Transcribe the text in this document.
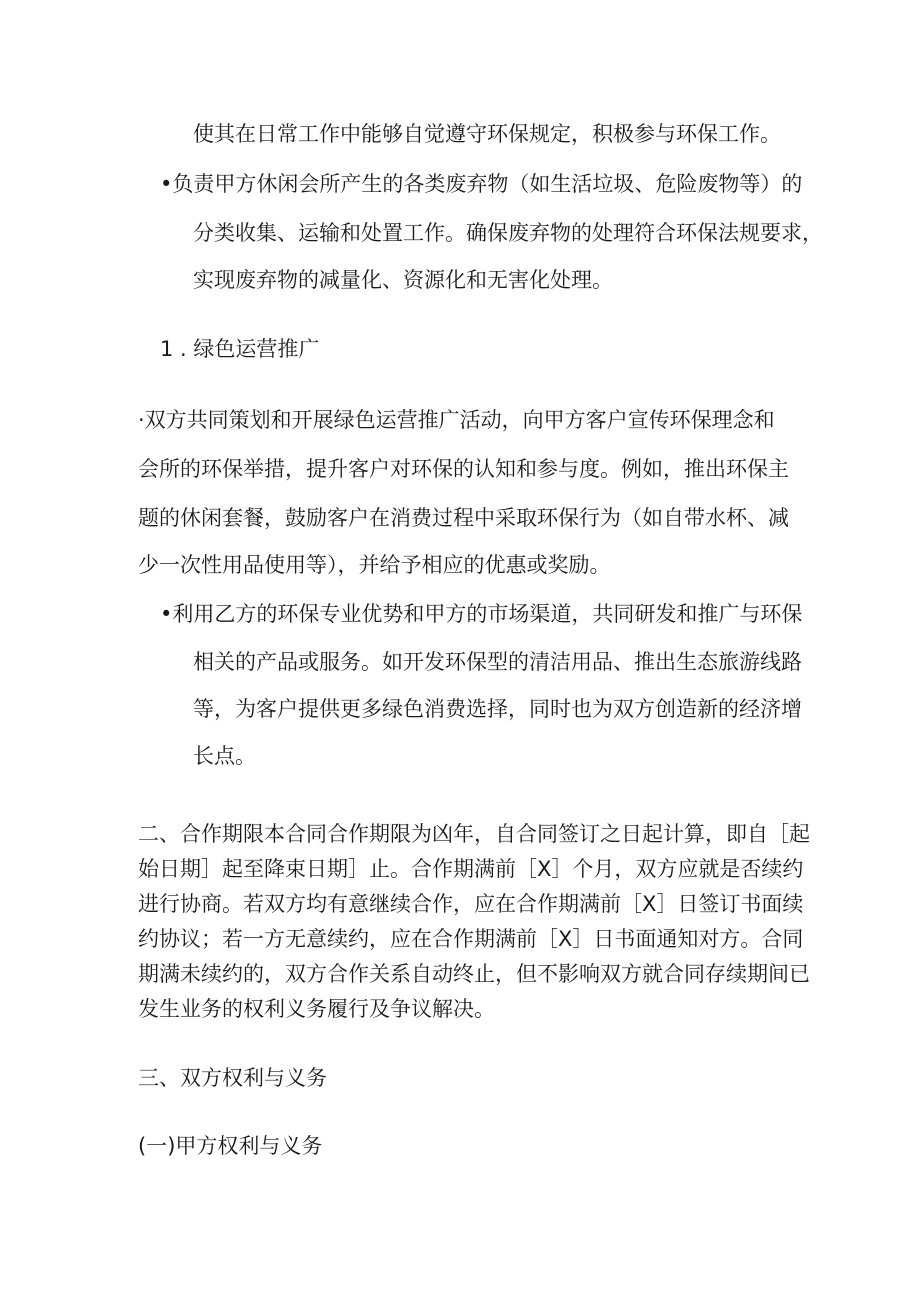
使其在日常工作中能够自觉遵守环保规定，积极参与环保工作。
•负责甲方休闲会所产生的各类废弃物（如生活垃圾、危险废物等）的
分类收集、运输和处置工作。确保废弃物的处理符合环保法规要求，
实现废弃物的减量化、资源化和无害化处理。
1 . 绿色运营推广
·双方共同策划和开展绿色运营推广活动，向甲方客户宣传环保理念和
会所的环保举措，提升客户对环保的认知和参与度。例如，推出环保主
题的休闲套餐，鼓励客户在消费过程中采取环保行为（如自带水杯、减
少一次性用品使用等），并给予相应的优惠或奖励。
•利用乙方的环保专业优势和甲方的市场渠道，共同研发和推广与环保
相关的产品或服务。如开发环保型的清洁用品、推出生态旅游线路
等，为客户提供更多绿色消费选择，同时也为双方创造新的经济增
长点。
二、合作期限本合同合作期限为凶年，自合同签订之日起计算，即自［起
始日期］起至降束日期］止。合作期满前［X］个月，双方应就是否续约
进行协商。若双方均有意继续合作，应在合作期满前［X］日签订书面续
约协议；若一方无意续约，应在合作期满前［X］日书面通知对方。合同
期满未续约的，双方合作关系自动终止，但不影响双方就合同存续期间已
发生业务的权利义务履行及争议解决。
三、双方权利与义务
(一)甲方权利与义务
